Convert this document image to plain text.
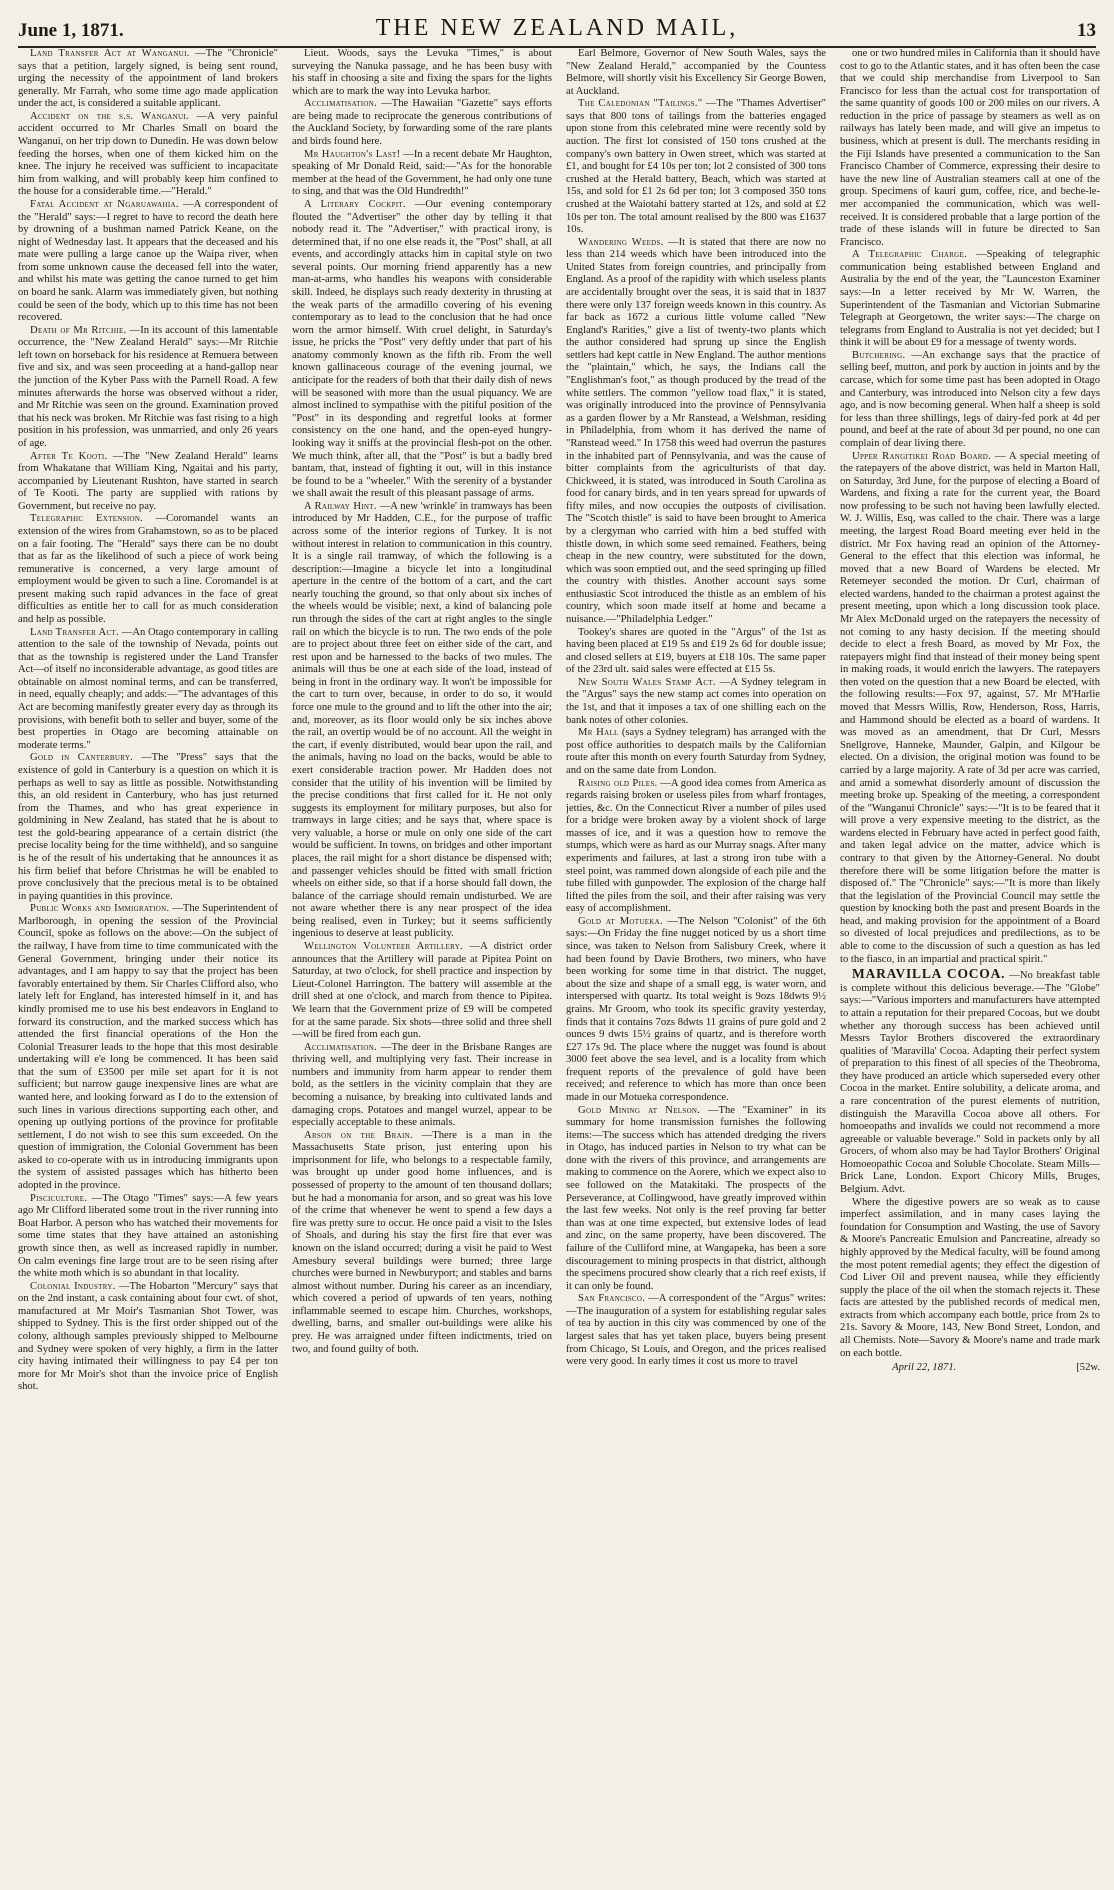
June 1, 1871.	THE NEW ZEALAND MAIL,	13

Land Transfer Act at Wanganui. —The "Chronicle" says that a petition, largely signed, is being sent round, urging the necessity of the appointment of land brokers generally. Mr Farrah, who some time ago made application under the act, is considered a suitable applicant.

Accident on the s.s. Wanganui. —A very painful accident occurred to Mr Charles Small on board the Wanganui, on her trip down to Dunedin. He was down below feeding the horses, when one of them kicked him on the knee. The injury he received was sufficient to incapacitate him from walking, and will probably keep him confined to the house for a considerable time.—"Herald."

Fatal Accident at Ngaruawahia. —A correspondent of the "Herald" says:—I regret to have to record the death here by drowning of a bushman named Patrick Keane, on the night of Wednesday last. It appears that the deceased and his mate were pulling a large canoe up the Waipa river, when from some unknown cause the deceased fell into the water, and whilst his mate was getting the canoe turned to get him on board he sank. Alarm was immediately given, but nothing could be seen of the body, which up to this time has not been recovered.

Death of Mr Ritchie. —In its account of this lamentable occurrence, the "New Zealand Herald" says:—Mr Ritchie left town on horseback for his residence at Remuera between five and six, and was seen proceeding at a hand-gallop near the junction of the Kyber Pass with the Parnell Road. A few minutes afterwards the horse was observed without a rider, and Mr Ritchie was seen on the ground. Examination proved that his neck was broken. Mr Ritchie was fast rising to a high position in his profession, was unmarried, and only 26 years of age.

After Te Kooti. —The "New Zealand Herald" learns from Whakatane that William King, Ngaitai and his party, accompanied by Lieutenant Rushton, have started in search of Te Kooti. The party are supplied with rations by Government, but receive no pay.

Telegraphic Extension. —Coromandel wants an extension of the wires from Grahamstown, so as to be placed on a fair footing. The "Herald" says there can be no doubt that as far as the likelihood of such a piece of work being remunerative is concerned, a very large amount of employment would be given to such a line. Coromandel is at present making such rapid advances in the face of great difficulties as entitle her to call for as much consideration and help as possible.

Land Transfer Act. —An Otago contemporary in calling attention to the sale of the township of Nevada, points out that as the township is registered under the Land Transfer Act—of itself no inconsiderable advantage, as good titles are obtainable on almost nominal terms, and can be transferred, in need, equally cheaply; and adds:—"The advantages of this Act are becoming manifestly greater every day as through its provisions, with benefit both to seller and buyer, some of the best properties in Otago are becoming attainable on moderate terms."

Gold in Canterbury. —The "Press" says that the existence of gold in Canterbury is a question on which it is perhaps as well to say as little as possible. Notwithstanding this, an old resident in Canterbury, who has just returned from the Thames, and who has great experience in goldmining in New Zealand, has stated that he is about to test the gold-bearing appearance of a certain district (the precise locality being for the time withheld), and so sanguine is he of the result of his undertaking that he announces it as his firm belief that before Christmas he will be enabled to prove conclusively that the precious metal is to be obtained in paying quantities in this province.

Public Works and Immigration. —The Superintendent of Marlborough, in opening the session of the Provincial Council, spoke as follows on the above:—On the subject of the railway, I have from time to time communicated with the General Government, bringing under their notice its advantages, and I am happy to say that the project has been favorably entertained by them. Sir Charles Clifford also, who lately left for England, has interested himself in it, and has kindly promised me to use his best endeavors in England to forward its construction, and the marked success which has attended the first financial operations of the Hon the Colonial Treasurer leads to the hope that this most desirable undertaking will e'e long be commenced. It has been said that the sum of £3500 per mile set apart for it is not sufficient; but narrow gauge inexpensive lines are what are wanted here, and looking forward as I do to the extension of such lines in various directions supporting each other, and opening up outlying portions of the province for profitable settlement, I do not wish to see this sum exceeded. On the question of immigration, the Colonial Government has been asked to co-operate with us in introducing immigrants upon the system of assisted passages which has hitherto been adopted in the province.

Pisciculture. —The Otago "Times" says:—A few years ago Mr Clifford liberated some trout in the river running into Boat Harbor. A person who has watched their movements for some time states that they have attained an astonishing growth since then, as well as increased rapidly in number. On calm evenings fine large trout are to be seen rising after the white moth which is so abundant in that locality.

Colonial Industry. —The Hobarton "Mercury" says that on the 2nd instant, a cask containing about four cwt. of shot, manufactured at Mr Moir's Tasmanian Shot Tower, was shipped to Sydney. This is the first order shipped out of the colony, although samples previously shipped to Melbourne and Sydney were spoken of very highly, a firm in the latter city having intimated their willingness to pay £4 per ton more for Mr Moir's shot than the invoice price of English shot.

Lieut. Woods, says the Levuka "Times," is about surveying the Nanuka passage, and he has been busy with his staff in choosing a site and fixing the spars for the lights which are to mark the way into Levuka harbor.

Acclimatisation. —The Hawaiian "Gazette" says efforts are being made to reciprocate the generous contributions of the Auckland Society, by forwarding some of the rare plants and birds found here.

Mr Haughton's Last! —In a recent debate Mr Haughton, speaking of Mr Donald Reid, said:—"As for the honorable member at the head of the Government, he had only one tune to sing, and that was the Old Hundredth!"

A Literary Cockpit. —Our evening contemporary flouted the "Advertiser" the other day by telling it that nobody read it. The "Advertiser," with practical irony, is determined that, if no one else reads it, the "Post" shall, at all events, and accordingly attacks him in capital style on two several points. Our morning friend apparently has a new man-at-arms, who handles his weapons with considerable skill. Indeed, he displays such ready dexterity in thrusting at the weak parts of the armadillo covering of his evening contemporary as to lead to the conclusion that he had once worn the armor himself. With cruel delight, in Saturday's issue, he pricks the "Post" very deftly under that part of his anatomy commonly known as the fifth rib. From the well known gallinaceous courage of the evening journal, we anticipate for the readers of both that their daily dish of news will be seasoned with more than the usual piquancy. We are almost inclined to sympathise with the pitiful position of the "Post" in its desponding and regretful looks at former consistency on the one hand, and the open-eyed hungry-looking way it sniffs at the provincial flesh-pot on the other. We much think, after all, that the "Post" is but a badly bred bantam, that, instead of fighting it out, will in this instance be found to be a "wheeler." With the serenity of a bystander we shall await the result of this pleasant passage of arms.

A Railway Hint. —A new 'wrinkle' in tramways has been introduced by Mr Hadden, C.E., for the purpose of traffic across some of the interior regions of Turkey. It is not without interest in relation to communication in this country. It is a single rail tramway, of which the following is a description:—Imagine a bicycle let into a longitudinal aperture in the centre of the bottom of a cart, and the cart nearly touching the ground, so that only about six inches of the wheels would be visible; next, a kind of balancing pole run through the sides of the cart at right angles to the single rail on which the bicycle is to run. The two ends of the pole are to project about three feet on either side of the cart, and rest upon and be harnessed to the backs of two mules. The animals will thus be one at each side of the load, instead of being in front in the ordinary way. It won't be impossible for the cart to turn over, because, in order to do so, it would force one mule to the ground and to lift the other into the air; and, moreover, as its floor would only be six inches above the rail, an overtip would be of no account. All the weight in the cart, if evenly distributed, would bear upon the rail, and the animals, having no load on the backs, would be able to exert considerable traction power. Mr Hadden does not consider that the utility of his invention will be limited by the precise conditions that first called for it. He not only suggests its employment for military purposes, but also for tramways in large cities; and he says that, where space is very valuable, a horse or mule on only one side of the cart would be sufficient. In towns, on bridges and other important places, the rail might for a short distance be dispensed with; and passenger vehicles should be fitted with small friction wheels on either side, so that if a horse should fall down, the balance of the carriage should remain undisturbed. We are not aware whether there is any near prospect of the idea being realised, even in Turkey; but it seems sufficiently ingenious to deserve at least publicity.

Wellington Volunteer Artillery. —A district order announces that the Artillery will parade at Pipitea Point on Saturday, at two o'clock, for shell practice and inspection by Lieut-Colonel Harrington. The battery will assemble at the drill shed at one o'clock, and march from thence to Pipitea. We learn that the Government prize of £9 will be competed for at the same parade. Six shots—three solid and three shell—will be fired from each gun.

Acclimatisation. —The deer in the Brisbane Ranges are thriving well, and multiplying very fast. Their increase in numbers and immunity from harm appear to render them bold, as the settlers in the vicinity complain that they are becoming a nuisance, by breaking into cultivated lands and damaging crops. Potatoes and mangel wurzel, appear to be especially acceptable to these animals.

Arson on the Brain. —There is a man in the Massachusetts State prison, just entering upon his imprisonment for life, who belongs to a respectable family, was brought up under good home influences, and is possessed of property to the amount of ten thousand dollars; but he had a monomania for arson, and so great was his love of the crime that whenever he went to spend a few days a fire was pretty sure to occur. He once paid a visit to the Isles of Shoals, and during his stay the first fire that ever was known on the island occurred; during a visit he paid to West Amesbury several buildings were burned; three large churches were burned in Newburyport; and stables and barns almost without number. During his career as an incendiary, which covered a period of upwards of ten years, nothing inflammable seemed to escape him. Churches, workshops, dwelling, barns, and smaller out-buildings were alike his prey. He was arraigned under fifteen indictments, tried on two, and found guilty of both.

Earl Belmore, Governor of New South Wales, says the "New Zealand Herald," accompanied by the Countess Belmore, will shortly visit his Excellency Sir George Bowen, at Auckland.

The Caledonian "Tailings." —The "Thames Advertiser" says that 800 tons of tailings from the batteries engaged upon stone from this celebrated mine were recently sold by auction. The first lot consisted of 150 tons crushed at the company's own battery in Owen street, which was started at £1, and bought for £4 10s per ton; lot 2 consisted of 300 tons crushed at the Herald battery, Beach, which was started at 15s, and sold for £1 2s 6d per ton; lot 3 composed 350 tons crushed at the Waiotahi battery started at 12s, and sold at £2 10s per ton. The total amount realised by the 800 was £1637 10s.

Wandering Weeds. —It is stated that there are now no less than 214 weeds which have been introduced into the United States from foreign countries, and principally from England. As a proof of the rapidity with which useless plants are accidentally brought over the seas, it is said that in 1837 there were only 137 foreign weeds known in this country. As far back as 1672 a curious little volume called "New England's Rarities," give a list of twenty-two plants which the author considered had sprung up since the English settlers had kept cattle in New England. The author mentions the "plaintain," which, he says, the Indians call the "Englishman's foot," as though produced by the tread of the white settlers. The common "yellow toad flax," it is stated, was originally introduced into the province of Pennsylvania as a garden flower by a Mr Ranstead, a Welshman, residing in Philadelphia, from whom it has derived the name of "Ranstead weed." In 1758 this weed had overrun the pastures in the inhabited part of Pennsylvania, and was the cause of bitter complaints from the agriculturists of that day. Chickweed, it is stated, was introduced in South Carolina as food for canary birds, and in ten years spread for upwards of fifty miles, and now occupies the outposts of civilisation. The "Scotch thistle" is said to have been brought to America by a clergyman who carried with him a bed stuffed with thistle down, in which some seed remained. Feathers, being cheap in the new country, were substituted for the down, which was soon emptied out, and the seed springing up filled the country with thistles. Another account says some enthusiastic Scot introduced the thistle as an emblem of his country, which soon made itself at home and became a nuisance.—"Philadelphia Ledger."

Tookey's shares are quoted in the "Argus" of the 1st as having been placed at £19 5s and £19 2s 6d for double issue; and closed sellers at £19, buyers at £18 10s. The same paper of the 23rd ult. said sales were effected at £15 5s.

New South Wales Stamp Act. —A Sydney telegram in the "Argus" says the new stamp act comes into operation on the 1st, and that it imposes a tax of one shilling each on the bank notes of other colonies.

Mr Hall (says a Sydney telegram) has arranged with the post office authorities to despatch mails by the Californian route after this month on every fourth Saturday from Sydney, and on the same date from London.

Raising old Piles. —A good idea comes from America as regards raising broken or useless piles from wharf frontages, jetties, &c. On the Connecticut River a number of piles used for a bridge were broken away by a violent shock of large masses of ice, and it was a question how to remove the stumps, which were as hard as our Murray snags. After many experiments and failures, at last a strong iron tube with a steel point, was rammed down alongside of each pile and the tube filled with gunpowder. The explosion of the charge half lifted the piles from the soil, and their after raising was very easy of accomplishment.

Gold at Motueka. —The Nelson "Colonist" of the 6th says:—On Friday the fine nugget noticed by us a short time since, was taken to Nelson from Salisbury Creek, where it had been found by Davie Brothers, two miners, who have been working for some time in that district. The nugget, about the size and shape of a small egg, is water worn, and interspersed with quartz. Its total weight is 9ozs 18dwts 9½ grains. Mr Groom, who took its specific gravity yesterday, finds that it contains 7ozs 8dwts 11 grains of pure gold and 2 ounces 9 dwts 15½ grains of quartz, and is therefore worth £27 17s 9d. The place where the nugget was found is about 3000 feet above the sea level, and is a locality from which frequent reports of the prevalence of gold have been received; and reference to which has more than once been made in our Motueka correspondence.

Gold Mining at Nelson. —The "Examiner" in its summary for home transmission furnishes the following items:—The success which has attended dredging the rivers in Otago, has induced parties in Nelson to try what can be done with the rivers of this province, and arrangements are making to commence on the Aorere, which we expect also to see followed on the Matakitaki. The prospects of the Perseverance, at Collingwood, have greatly improved within the last few weeks. Not only is the reef proving far better than was at one time expected, but extensive lodes of lead and zinc, on the same property, have been discovered. The failure of the Culliford mine, at Wangapeka, has been a sore discouragement to mining prospects in that district, although the specimens procured show clearly that a rich reef exists, if it can only be found.

San Francisco. —A correspondent of the "Argus" writes:—The inauguration of a system for establishing regular sales of tea by auction in this city was commenced by one of the largest sales that has yet taken place, buyers being present from Chicago, St Louis, and Oregon, and the prices realised were very good. In early times it cost us more to travel

one or two hundred miles in California than it should have cost to go to the Atlantic states, and it has often been the case that we could ship merchandise from Liverpool to San Francisco for less than the actual cost for transportation of the same quantity of goods 100 or 200 miles on our rivers. A reduction in the price of passage by steamers as well as on railways has lately been made, and will give an impetus to business, which at present is dull. The merchants residing in the Fiji Islands have presented a communication to the San Francisco Chamber of Commerce, expressing their desire to have the new line of Australian steamers call at one of the group. Specimens of kauri gum, coffee, rice, and beche-le-mer accompanied the communication, which was well-received. It is considered probable that a large portion of the trade of these islands will in future be directed to San Francisco.

A Telegraphic Charge. —Speaking of telegraphic communication being established between England and Australia by the end of the year, the "Launceston Examiner says:—In a letter received by Mr W. Warren, the Superintendent of the Tasmanian and Victorian Submarine Telegraph at Georgetown, the writer says:—The charge on telegrams from England to Australia is not yet decided; but I think it will be about £9 for a message of twenty words.

Butchering. —An exchange says that the practice of selling beef, mutton, and pork by auction in joints and by the carcase, which for some time past has been adopted in Otago and Canterbury, was introduced into Nelson city a few days ago, and is now becoming general. When half a sheep is sold for less than three shillings, legs of dairy-fed pork at 4d per pound, and beef at the rate of about 3d per pound, no one can complain of dear living there.

Upper Rangitikei Road Board. — A special meeting of the ratepayers of the above district, was held in Marton Hall, on Saturday, 3rd June, for the purpose of electing a Board of Wardens, and fixing a rate for the current year, the Board now professing to be such not having been lawfully elected. W. J. Willis, Esq, was called to the chair. There was a large meeting, the largest Road Board meeting ever held in the district. Mr Fox having read an opinion of the Attorney-General to the effect that this election was informal, he moved that a new Board of Wardens be elected. Mr Retemeyer seconded the motion. Dr Curl, chairman of elected wardens, handed to the chairman a protest against the present meeting, upon which a long discussion took place. Mr Alex McDonald urged on the ratepayers the necessity of not coming to any hasty decision. If the meeting should decide to elect a fresh Board, as moved by Mr Fox, the ratepayers might find that instead of their money being spent in making roads, it would enrich the lawyers. The ratepayers then voted on the question that a new Board be elected, with the following results:—Fox 97, against, 57. Mr M'Harlie moved that Messrs Willis, Row, Henderson, Ross, Harris, and Hammond should be elected as a board of wardens. It was moved as an amendment, that Dr Curl, Messrs Snellgrove, Hanneke, Maunder, Galpin, and Kilgour be elected. On a division, the original motion was found to be carried by a large majority. A rate of 3d per acre was carried, and amid a somewhat disorderly amount of discussion the meeting broke up. Speaking of the meeting, a correspondent of the "Wanganui Chronicle" says:—"It is to be feared that it will prove a very expensive meeting to the district, as the wardens elected in February have acted in perfect good faith, and taken legal advice on the matter, advice which is contrary to that given by the Attorney-General. No doubt therefore there will be some litigation before the matter is disposed of." The "Chronicle" says:—"It is more than likely that the legislation of the Provincial Council may settle the question by knocking both the past and present Boards in the head, and making provision for the appointment of a Board so divested of local prejudices and predilections, as to be able to come to the discussion of such a question as has led to the fiasco, in an impartial and practical spirit."

MARAVILLA COCOA. —No breakfast table is complete without this delicious beverage.—The "Globe" says:—"Various importers and manufacturers have attempted to attain a reputation for their prepared Cocoas, but we doubt whether any thorough success has been achieved until Messrs Taylor Brothers discovered the extraordinary qualities of 'Maravilla' Cocoa. Adapting their perfect system of preparation to this finest of all species of the Theobroma, they have produced an article which superseded every other Cocoa in the market. Entire solubility, a delicate aroma, and a rare concentration of the purest elements of nutrition, distinguish the Maravilla Cocoa above all others. For homoeopaths and invalids we could not recommend a more agreeable or valuable beverage." Sold in packets only by all Grocers, of whom also may be had Taylor Brothers' Original Homoeopathic Cocoa and Soluble Chocolate. Steam Mills—Brick Lane, London. Export Chicory Mills, Bruges, Belgium. Advt.

Where the digestive powers are so weak as to cause imperfect assimilation, and in many cases laying the foundation for Consumption and Wasting, the use of Savory & Moore's Pancreatic Emulsion and Pancreatine, already so highly approved by the Medical faculty, will be found among the most potent remedial agents; they effect the digestion of Cod Liver Oil and prevent nausea, while they efficiently supply the place of the oil when the stomach rejects it. These facts are attested by the published records of medical men, extracts from which accompany each bottle, price from 2s to 21s. Savory & Moore, 143, New Bond Street, London, and all Chemists. Note—Savory & Moore's name and trade mark on each bottle.

April 22, 1871.	[52w.
